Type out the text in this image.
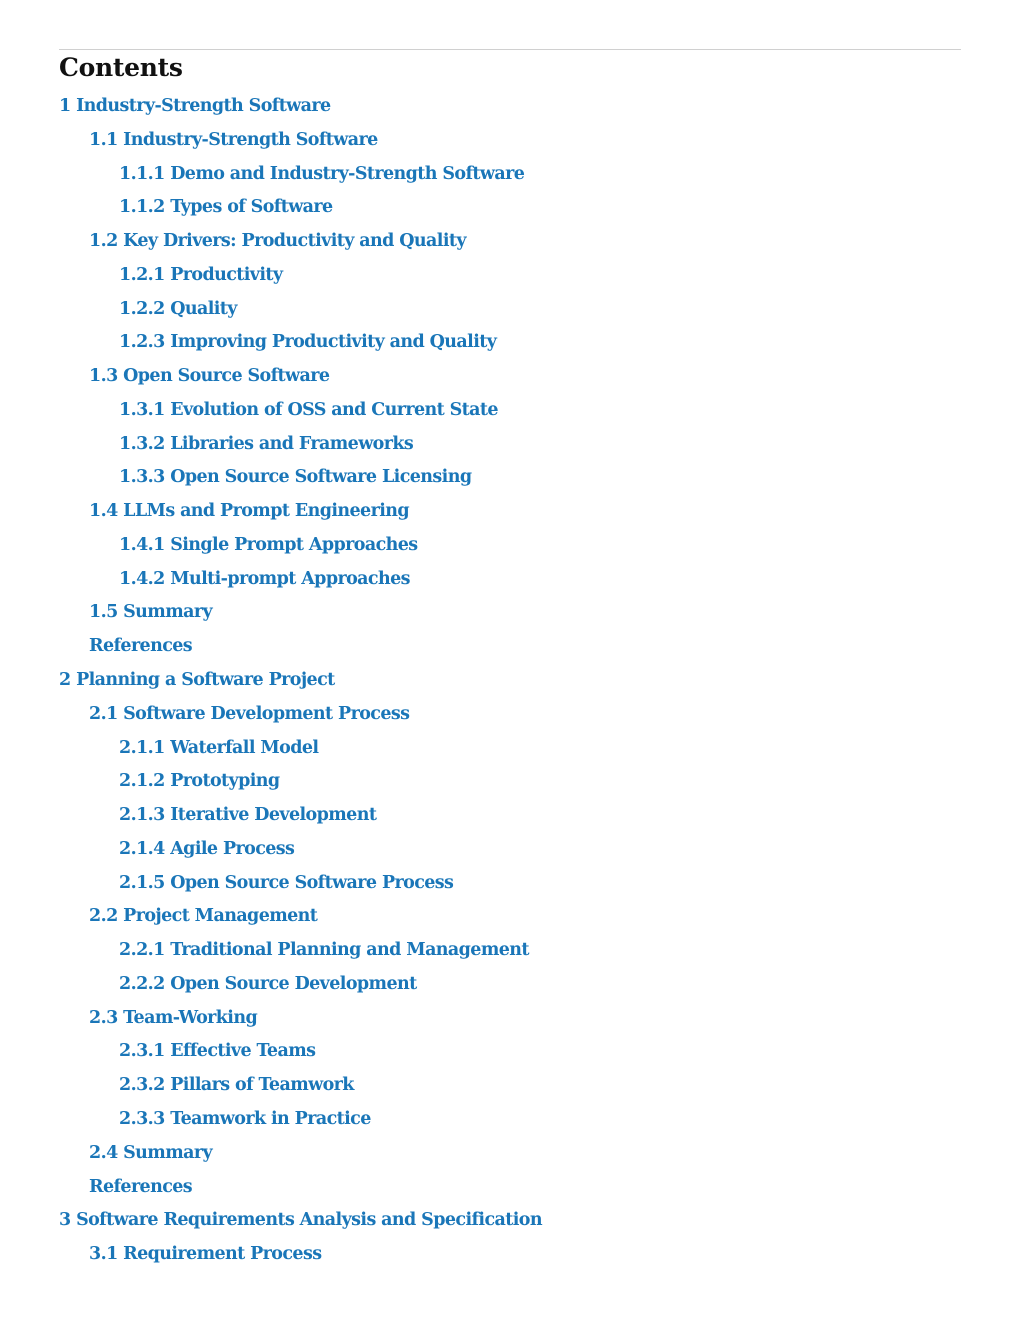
Contents
1 Industry-Strength Software
1.1 Industry-Strength Software
1.1.1 Demo and Industry-Strength Software
1.1.2 Types of Software
1.2 Key Drivers: Productivity and Quality
1.2.1 Productivity
1.2.2 Quality
1.2.3 Improving Productivity and Quality
1.3 Open Source Software
1.3.1 Evolution of OSS and Current State
1.3.2 Libraries and Frameworks
1.3.3 Open Source Software Licensing
1.4 LLMs and Prompt Engineering
1.4.1 Single Prompt Approaches
1.4.2 Multi-prompt Approaches
1.5 Summary
References
2 Planning a Software Project
2.1 Software Development Process
2.1.1 Waterfall Model
2.1.2 Prototyping
2.1.3 Iterative Development
2.1.4 Agile Process
2.1.5 Open Source Software Process
2.2 Project Management
2.2.1 Traditional Planning and Management
2.2.2 Open Source Development
2.3 Team-Working
2.3.1 Effective Teams
2.3.2 Pillars of Teamwork
2.3.3 Teamwork in Practice
2.4 Summary
References
3 Software Requirements Analysis and Specification
3.1 Requirement Process
